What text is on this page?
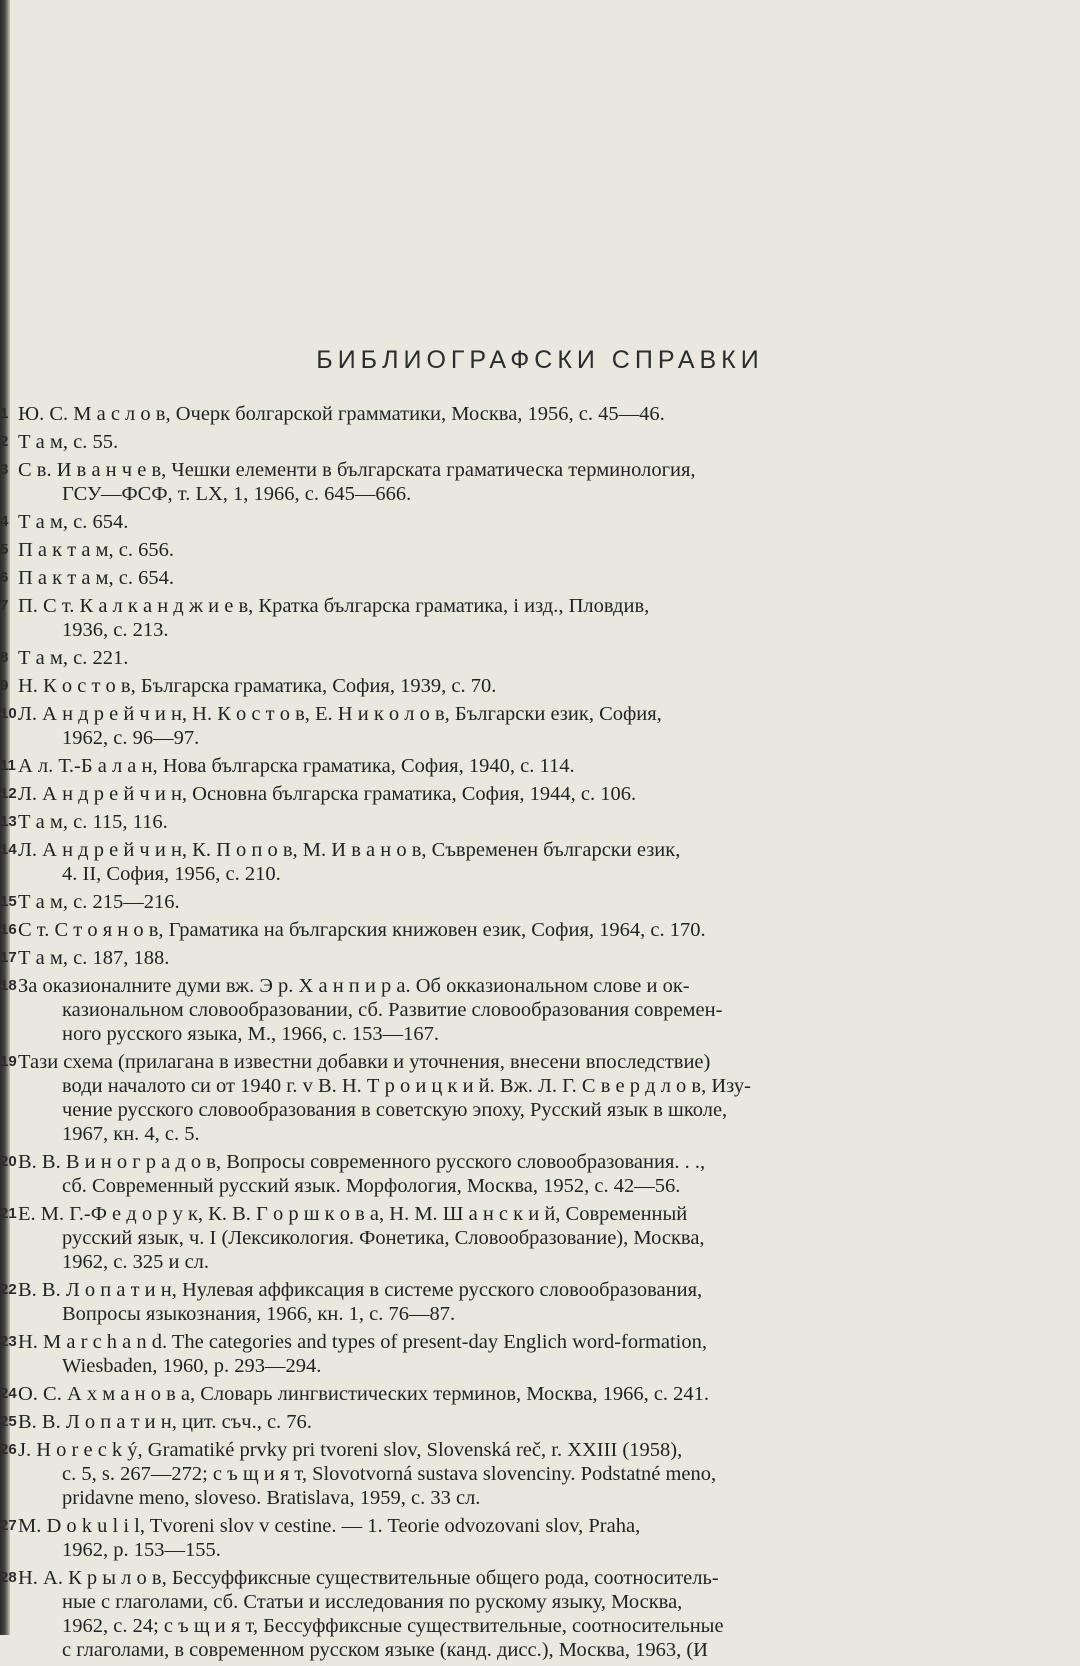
БИБЛИОГРАФСКИ СПРАВКИ
1 Ю. С. М а с л о в, Очерк болгарской грамматики, Москва, 1956, с. 45—46.
2 Т а м, с. 55.
3 С в. И в а н ч е в, Чешки елементи в българската граматическа терминология,
ГСУ—ФСФ, т. LX, 1, 1966, с. 645—666.
4 Т а м, с. 654.
5 П а к т а м, с. 656.
6 П а к т а м, с. 654.
7 П. С т. К а л к а н д ж и е в, Кратка българска граматика, і изд., Пловдив,
1936, с. 213.
8 Т а м, с. 221.
9 Н. К о с т о в, Българска граматика, София, 1939, с. 70.
10 Л. А н д р е й ч и н, Н. К о с т о в, Е. Н и к о л о в, Български език, София,
1962, с. 96—97.
11 А л. Т.-Б а л а н, Нова българска граматика, София, 1940, с. 114.
12 Л. А н д р е й ч и н, Основна българска граматика, София, 1944, с. 106.
13 Т а м, с. 115, 116.
14 Л. А н д р е й ч и н, К. П о п о в, М. И в а н о в, Съвременен български език,
4. II, София, 1956, с. 210.
15 Т а м, с. 215—216.
16 С т. С т о я н о в, Граматика на българския книжовен език, София, 1964, с. 170.
17 Т а м, с. 187, 188.
18 За оказионалните думи вж. Э р. Х а н п и р а. Об окказиональном слове и ок-
казиональном словообразовании, сб. Развитие словообразования современ-
ного русского языка, М., 1966, с. 153—167.
19 Тази схема (прилагана в известни добавки и уточнения, внесени впоследствие)
води началото си от 1940 г. v В. Н. Т р о и ц к и й. Вж. Л. Г. С в е р д л о в, Изу-
чение русского словообразования в советскую эпоху, Русский язык в школе,
1967, кн. 4, с. 5.
20 В. В. В и н о г р а д о в, Вопросы современного русского словообразования. . .,
сб. Современный русский язык. Морфология, Москва, 1952, с. 42—56.
21 Е. М. Г.-Ф е д о р у к, К. В. Г о р ш к о в а, Н. М. Ш а н с к и й, Современный
русский язык, ч. I (Лексикология. Фонетика, Словообразование), Москва,
1962, с. 325 и сл.
22 В. В. Л о п а т и н, Нулевая аффиксация в системе русского словообразования,
Вопросы языкознания, 1966, кн. 1, с. 76—87.
23 H. M a r c h a n d. The categories and types of present-day Englich word-formation,
Wiesbaden, 1960, p. 293—294.
24 О. С. А х м а н о в а, Словарь лингвистических терминов, Москва, 1966, с. 241.
25 В. В. Л о п а т и н, цит. съч., с. 76.
26 J. H o r e c k ý, Gramatiké prvky pri tvoreni slov, Slovenská reč, r. XXIII (1958),
c. 5, s. 267—272; с ъ щ и я т, Slovotvorná sustava slovenciny. Podstatné meno,
pridavne meno, sloveso. Bratislava, 1959, с. 33 сл.
27 M. D o k u l i l, Tvoreni slov v cestine. — 1. Teorie odvozovani slov, Praha,
1962, p. 153—155.
28 Н. А. К р ы л о в, Бессуффиксные существительные общего рода, соотноситель-
ные с глаголами, сб. Статьи и исследования по рускому языку, Москва,
1962, с. 24; с ъ щ и я т, Бессуффиксные существительные, соотносительные
с глаголами, в современном русском языке (канд. дисс.), Москва, 1963, (И
